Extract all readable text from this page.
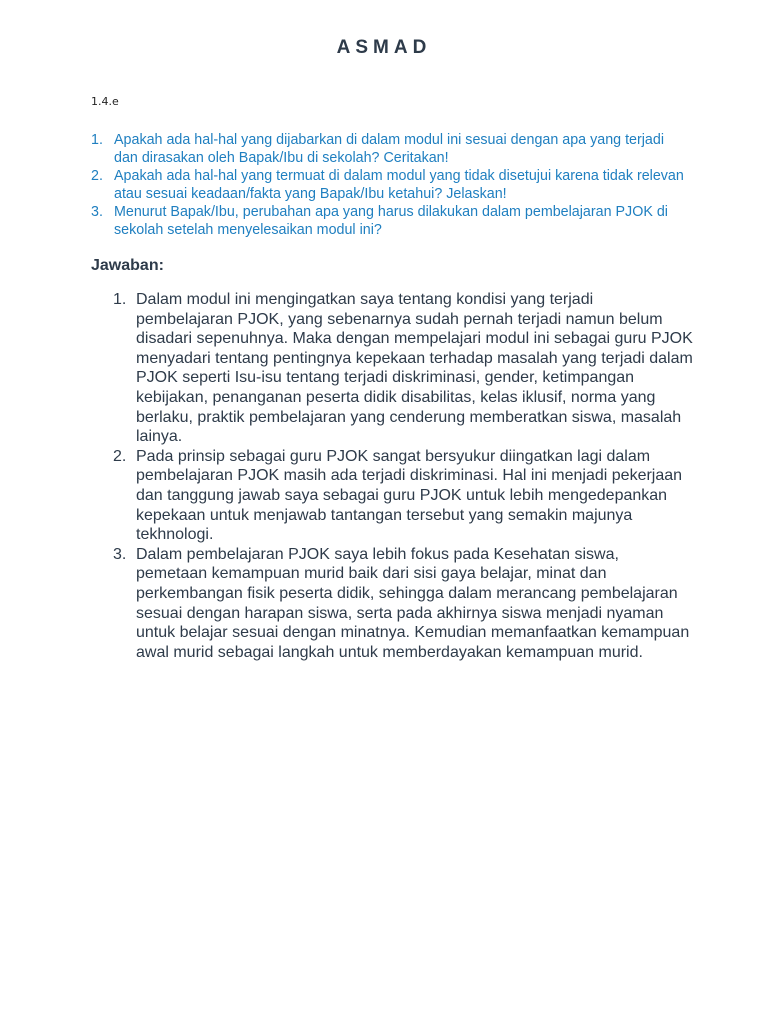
ASMAD
1.4.e
1. Apakah ada hal-hal yang dijabarkan di dalam modul ini sesuai dengan apa yang terjadi dan dirasakan oleh Bapak/Ibu di sekolah? Ceritakan!
2. Apakah ada hal-hal yang termuat di dalam modul yang tidak disetujui karena tidak relevan atau sesuai keadaan/fakta yang Bapak/Ibu ketahui? Jelaskan!
3. Menurut Bapak/Ibu, perubahan apa yang harus dilakukan dalam pembelajaran PJOK di sekolah setelah menyelesaikan modul ini?
Jawaban:
1. Dalam modul ini mengingatkan saya tentang kondisi yang terjadi pembelajaran PJOK, yang sebenarnya sudah pernah terjadi namun belum disadari sepenuhnya. Maka dengan mempelajari modul ini sebagai guru PJOK menyadari tentang pentingnya kepekaan terhadap masalah yang terjadi dalam PJOK seperti Isu-isu tentang terjadi diskriminasi, gender, ketimpangan kebijakan, penanganan peserta didik disabilitas, kelas iklusif, norma yang berlaku, praktik pembelajaran yang cenderung memberatkan siswa, masalah lainya.
2. Pada prinsip sebagai guru PJOK sangat bersyukur diingatkan lagi dalam pembelajaran PJOK masih ada terjadi diskriminasi. Hal ini menjadi pekerjaan dan tanggung jawab saya sebagai guru PJOK untuk lebih mengedepankan kepekaan untuk menjawab tantangan tersebut yang semakin majunya tekhnologi.
3. Dalam pembelajaran PJOK saya lebih fokus pada Kesehatan siswa, pemetaan kemampuan murid baik dari sisi gaya belajar, minat dan perkembangan fisik peserta didik, sehingga dalam merancang pembelajaran sesuai dengan harapan siswa, serta pada akhirnya siswa menjadi nyaman untuk belajar sesuai dengan minatnya. Kemudian memanfaatkan kemampuan awal murid sebagai langkah untuk memberdayakan kemampuan murid.
